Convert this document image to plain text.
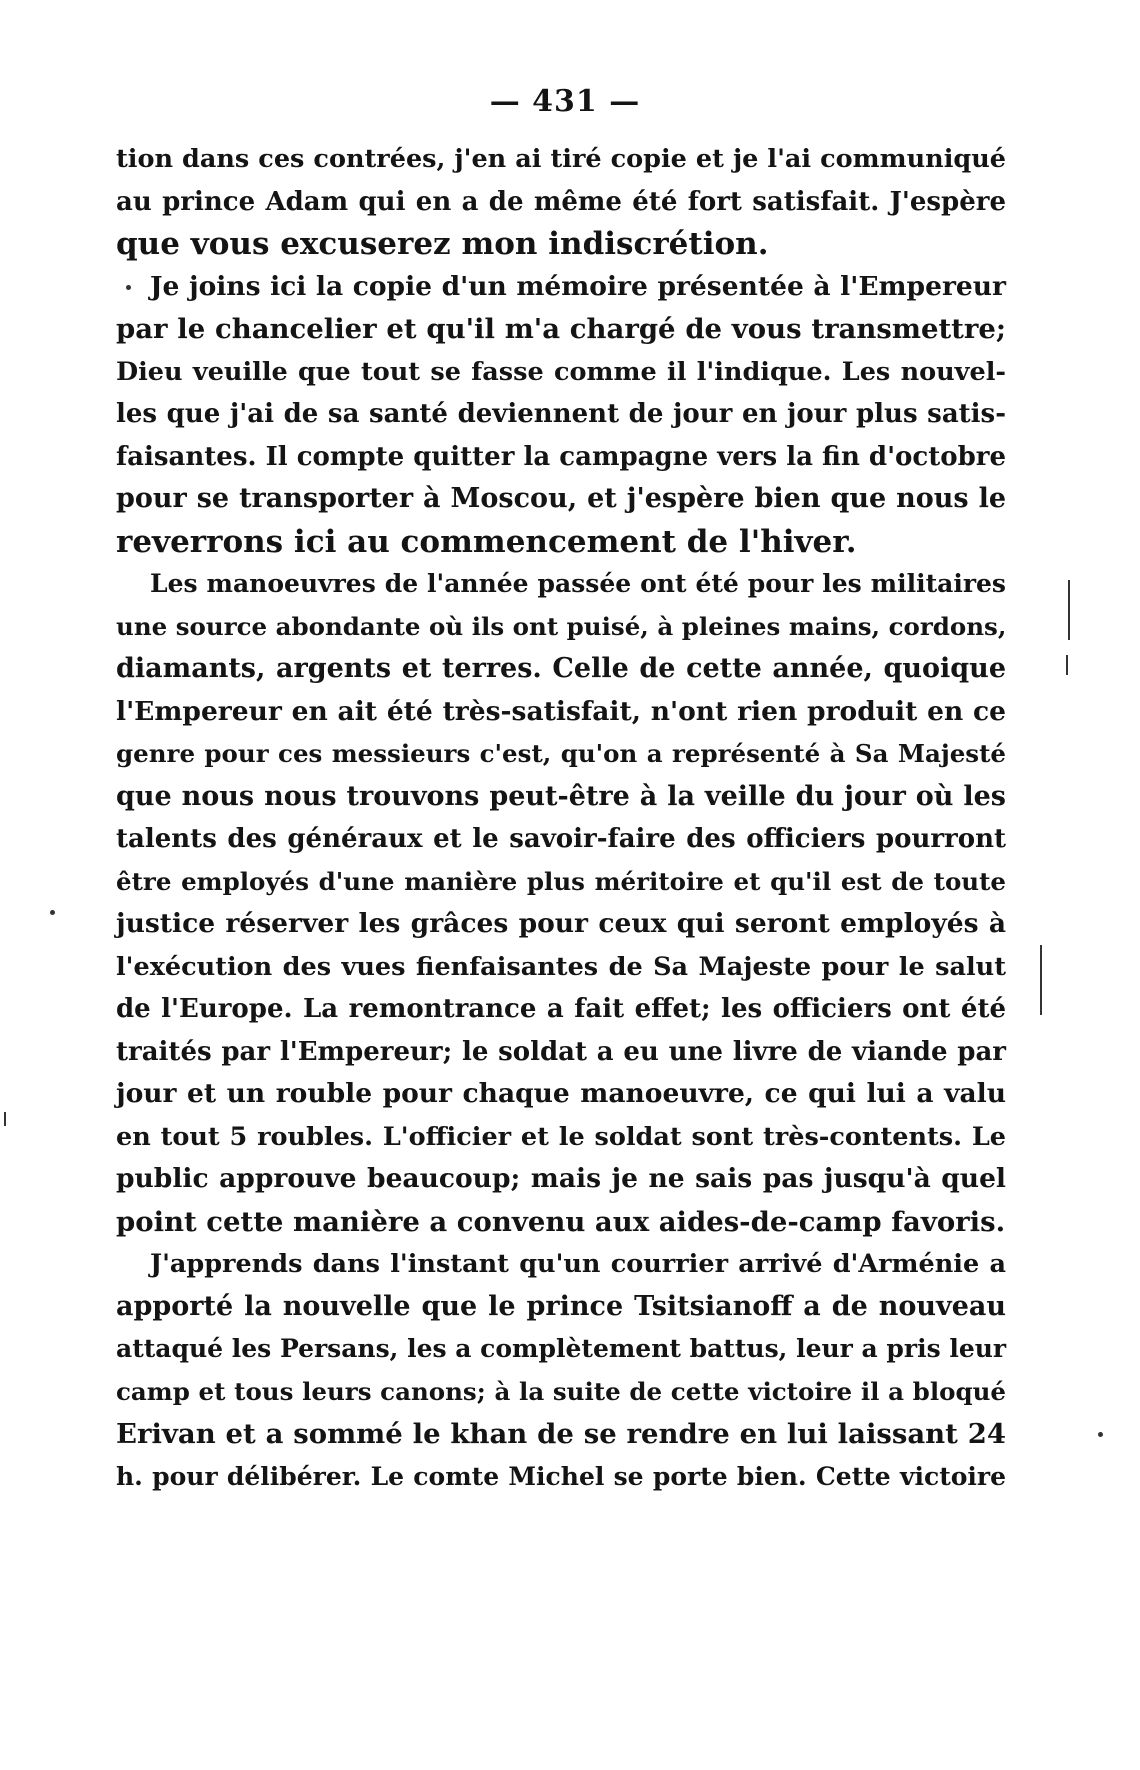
— 431 —
tion dans ces contrées, j'en ai tiré copie et je l'ai communiqué
au prince Adam qui en a de même été fort satisfait. J'espère
que vous excuserez mon indiscrétion.
Je joins ici la copie d'un mémoire présentée à l'Empereur
par le chancelier et qu'il m'a chargé de vous transmettre;
Dieu veuille que tout se fasse comme il l'indique. Les nouvel-
les que j'ai de sa santé deviennent de jour en jour plus satis-
faisantes. Il compte quitter la campagne vers la fin d'octobre
pour se transporter à Moscou, et j'espère bien que nous le
reverrons ici au commencement de l'hiver.
Les manoeuvres de l'année passée ont été pour les militaires
une source abondante où ils ont puisé, à pleines mains, cordons,
diamants, argents et terres. Celle de cette année, quoique
l'Empereur en ait été très-satisfait, n'ont rien produit en ce
genre pour ces messieurs c'est, qu'on a représenté à Sa Majesté
que nous nous trouvons peut-être à la veille du jour où les
talents des généraux et le savoir-faire des officiers pourront
être employés d'une manière plus méritoire et qu'il est de toute
justice réserver les grâces pour ceux qui seront employés à
l'exécution des vues fienfaisantes de Sa Majeste pour le salut
de l'Europe. La remontrance a fait effet; les officiers ont été
traités par l'Empereur; le soldat a eu une livre de viande par
jour et un rouble pour chaque manoeuvre, ce qui lui a valu
en tout 5 roubles. L'officier et le soldat sont très-contents. Le
public approuve beaucoup; mais je ne sais pas jusqu'à quel
point cette manière a convenu aux aides-de-camp favoris.
J'apprends dans l'instant qu'un courrier arrivé d'Arménie a
apporté la nouvelle que le prince Tsitsianoff a de nouveau
attaqué les Persans, les a complètement battus, leur a pris leur
camp et tous leurs canons; à la suite de cette victoire il a bloqué
Erivan et a sommé le khan de se rendre en lui laissant 24
h. pour délibérer. Le comte Michel se porte bien. Cette victoire
